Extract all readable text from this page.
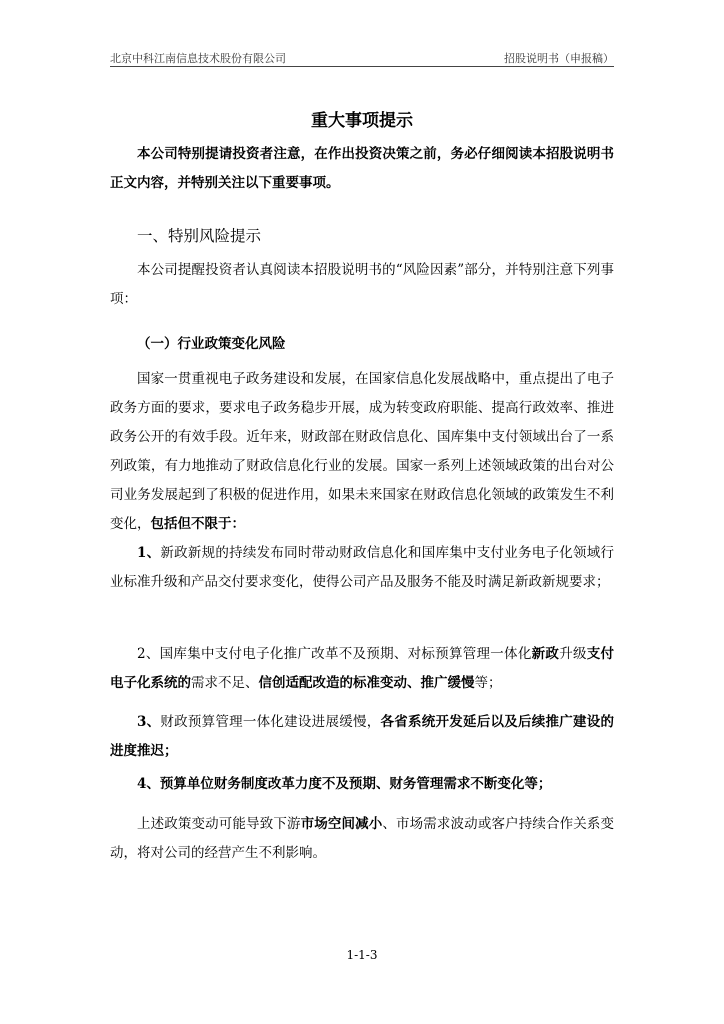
北京中科江南信息技术股份有限公司	招股说明书（申报稿）
重大事项提示

本公司特别提请投资者注意，在作出投资决策之前，务必仔细阅读本招股说明书正文内容，并特别关注以下重要事项。

一、特别风险提示

本公司提醒投资者认真阅读本招股说明书的“风险因素”部分，并特别注意下列事项：

（一）行业政策变化风险

国家一贯重视电子政务建设和发展，在国家信息化发展战略中，重点提出了电子政务方面的要求，要求电子政务稳步开展，成为转变政府职能、提高行政效率、推进政务公开的有效手段。近年来，财政部在财政信息化、国库集中支付领域出台了一系列政策，有力地推动了财政信息化行业的发展。国家一系列上述领域政策的出台对公司业务发展起到了积极的促进作用，如果未来国家在财政信息化领域的政策发生不利变化，包括但不限于：

1、新政新规的持续发布同时带动财政信息化和国库集中支付业务电子化领域行业标准升级和产品交付要求变化，使得公司产品及服务不能及时满足新政新规要求；

2、国库集中支付电子化推广改革不及预期、对标预算管理一体化新政升级支付电子化系统的需求不足、信创适配改造的标准变动、推广缓慢等；

3、财政预算管理一体化建设进展缓慢，各省系统开发延后以及后续推广建设的进度推迟；

4、预算单位财务制度改革力度不及预期、财务管理需求不断变化等；

上述政策变动可能导致下游市场空间减小、市场需求波动或客户持续合作关系变动，将对公司的经营产生不利影响。

1-1-3
